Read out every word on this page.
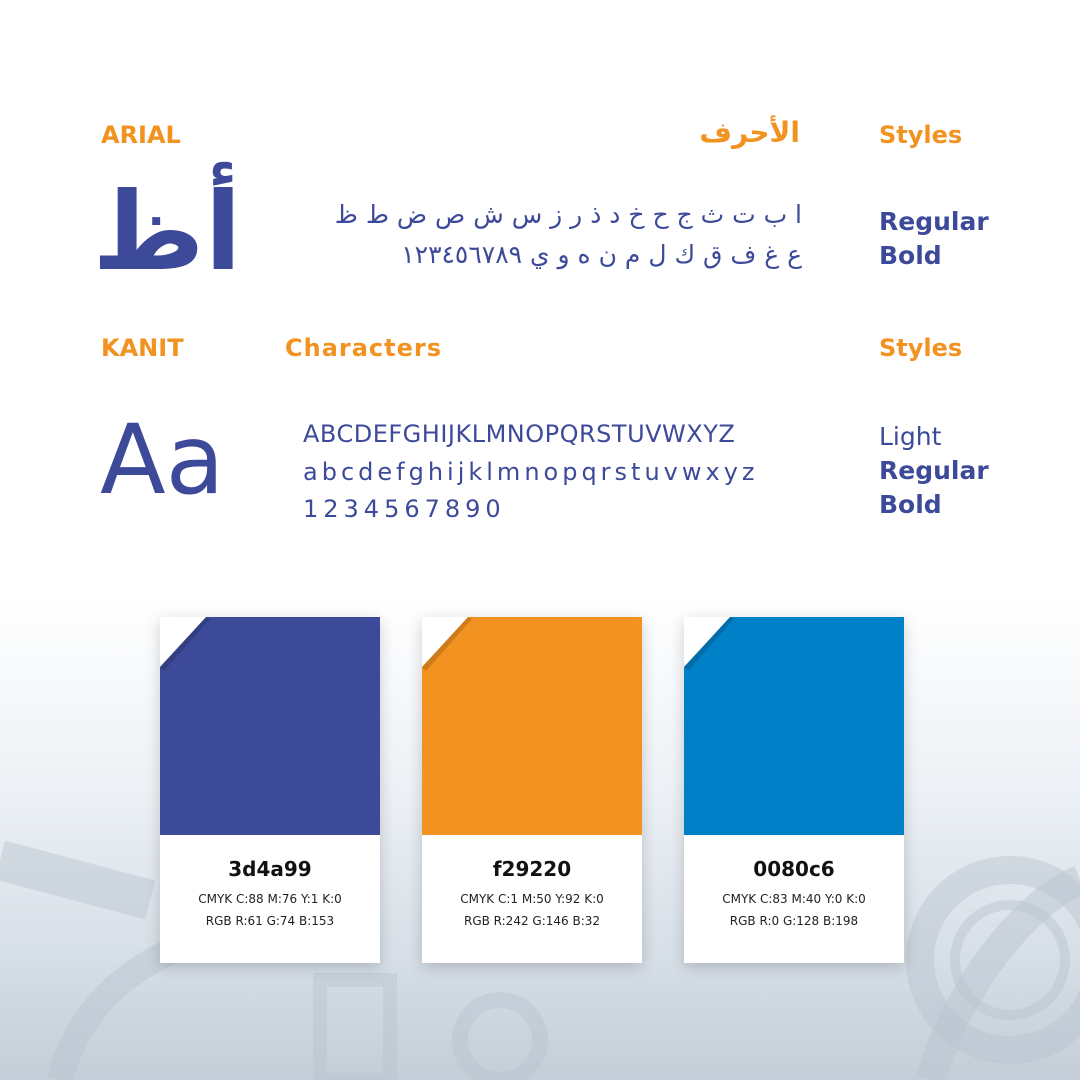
ARIAL	الأحرف	Styles
أظ	ا ب ت ث ج ح خ د ذ ر ز س ش ص ض ط ظ
ع غ ف ق ك ل م ن ه و ي ١٢٣٤٥٦٧٨٩
Regular
Bold
KANIT	Characters	Styles
Aa	ABCDEFGHIJKLMNOPQRSTUVWXYZ
abcdefghijklmnopqrstuvwxyz
1234567890
Light
Regular
Bold
3d4a99
CMYK C:88 M:76 Y:1 K:0
RGB R:61 G:74 B:153
f29220
CMYK C:1 M:50 Y:92 K:0
RGB R:242 G:146 B:32
0080c6
CMYK C:83 M:40 Y:0 K:0
RGB R:0 G:128 B:198
